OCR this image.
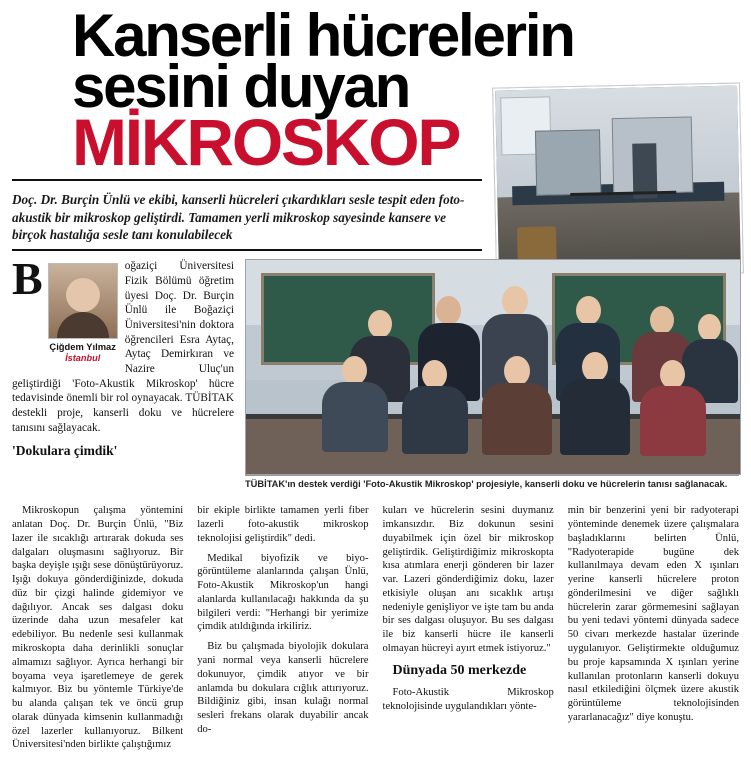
Kanserli hücrelerin
sesini duyan
MİKROSKOP
Doç. Dr. Burçin Ünlü ve ekibi, kanserli hücreleri çıkardıkları sesle tespit eden foto-akustik bir mikroskop geliştirdi. Tamamen yerli mikroskop sayesinde kansere ve birçok hastalığa sesle tanı konulabilecek
B
Çiğdem Yılmaz
İstanbul
oğaziçi Üniversitesi Fizik Bölümü öğretim üyesi Doç. Dr. Burçin Ünlü ile Boğaziçi Üniversitesi'nin doktora öğrencileri Esra Aytaç, Aytaç Demirkıran ve Nazire Uluç'un geliştirdiği 'Foto-Akustik Mikroskop' hücre tedavisinde önemli bir rol oynayacak. TÜBİTAK destekli proje, kanserli doku ve hücrelere tanısını sağlayacak.
'Dokulara çimdik'
TÜBİTAK'ın destek verdiği 'Foto-Akustik Mikroskop' projesiyle, kanserli doku ve hücrelerin tanısı sağlanacak.

Mikroskopun çalışma yöntemini anlatan Doç. Dr. Burçin Ünlü, "Biz lazer ile sıcaklığı artırarak dokuda ses dalgaları oluşmasını sağlıyoruz. Bir başka deyişle ışığı sese dönüştürüyoruz. Işığı dokuya gönderdiğinizde, dokuda düz bir çizgi halinde gidemiyor ve dağılıyor. Ancak ses dalgası doku üzerinde daha uzun mesafeler kat edebiliyor. Bu nedenle sesi kullanmak mikroskopta daha derinlikli sonuçlar almamızı sağlıyor. Ayrıca herhangi bir boyama veya işaretlemeye de gerek kalmıyor. Biz bu yöntemle Türkiye'de bu alanda çalışan tek ve öncü grup olarak dünyada kimsenin kullanmadığı özel lazerler kullanıyoruz. Bilkent Üniversitesi'nden birlikte çalıştığımız

bir ekiple birlikte tamamen yerli fiber lazerli foto-akustik mikroskop teknolojisi geliştirdik" dedi.

Medikal biyofizik ve biyo-görüntüleme alanlarında çalışan Ünlü, Foto-Akustik Mikroskop'un hangi alanlarda kullanılacağı hakkında da şu bilgileri verdi: "Herhangi bir yerimize çimdik atıldığında irkiliriz.

Biz bu çalışmada biyolojik dokulara yani normal veya kanserli hücrelere dokunuyor, çimdik atıyor ve bir anlamda bu dokulara cığlık attırıyoruz. Bildiğiniz gibi, insan kulağı normal sesleri frekans olarak duyabilir ancak do-

kuları ve hücrelerin sesini duymanız imkansızdır. Biz dokunun sesini duyabilmek için özel bir mikroskop geliştirdik. Geliştirdiğimiz mikroskopta kısa atımlara enerji gönderen bir lazer var. Lazeri gönderdiğimiz doku, lazer etkisiyle oluşan anı sıcaklık artışı nedeniyle genişliyor ve işte tam bu anda bir ses dalgası oluşuyor. Bu ses dalgası ile biz kanserli hücre ile kanserli olmayan hücreyi ayırt etmek istiyoruz."

Dünyada 50 merkezde

Foto-Akustik Mikroskop teknolojisinde uygulandıkları yönte-

min bir benzerini yeni bir radyoterapi yönteminde denemek üzere çalışmalara başladıklarını belirten Ünlü, "Radyoterapide bugüne dek kullanılmaya devam eden X ışınları yerine kanserli hücrelere proton gönderilmesini ve diğer sağlıklı hücrelerin zarar görmemesini sağlayan bu yeni tedavi yöntemi dünyada sadece 50 civarı merkezde hastalar üzerinde uygulanıyor. Geliştirmekte olduğumuz bu proje kapsamında X ışınları yerine kullanılan protonların kanserli dokuyu nasıl etkilediğini ölçmek üzere akustik görüntüleme teknolojisinden yararlanacağız" diye konuştu.
